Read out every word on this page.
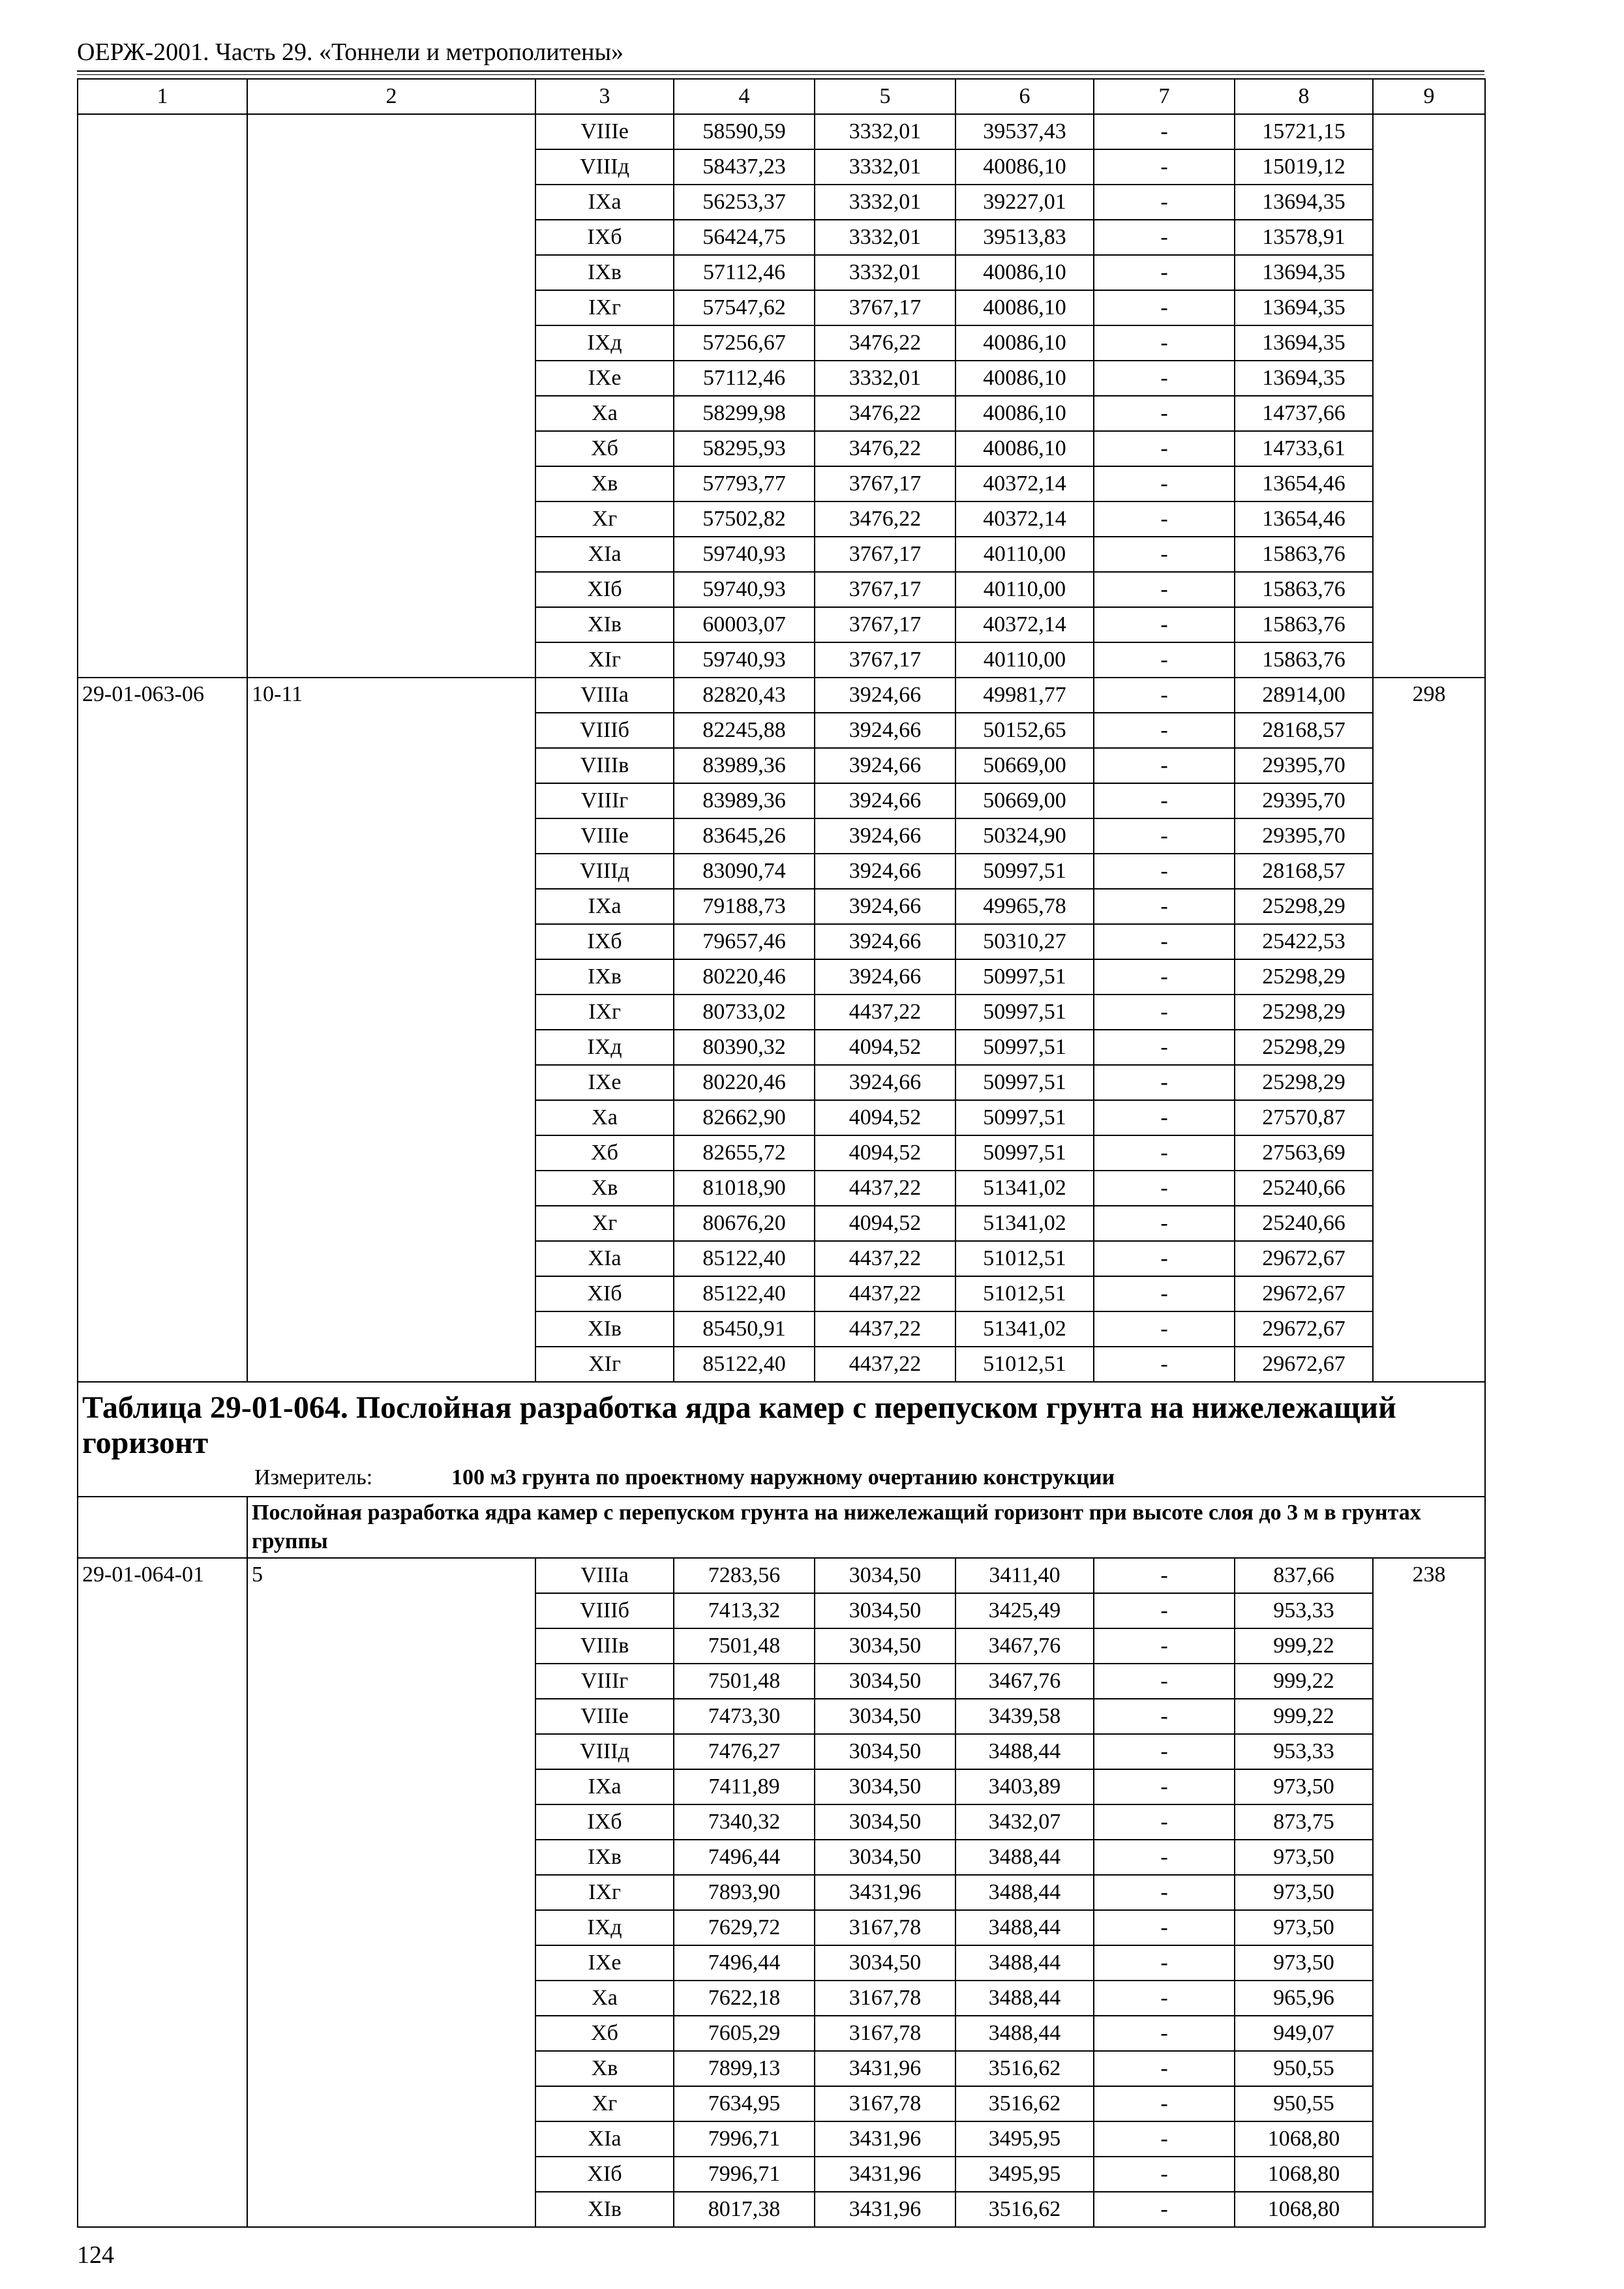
ОЕРЖ-2001. Часть 29. «Тоннели и метрополитены»
1	2	3	4	5	6	7	8	9
		VIIIе	58590,59	3332,01	39537,43	-	15721,15	
		VIIIд	58437,23	3332,01	40086,10	-	15019,12	
		IXа	56253,37	3332,01	39227,01	-	13694,35	
		IXб	56424,75	3332,01	39513,83	-	13578,91	
		IXв	57112,46	3332,01	40086,10	-	13694,35	
		IXг	57547,62	3767,17	40086,10	-	13694,35	
		IXд	57256,67	3476,22	40086,10	-	13694,35	
		IXе	57112,46	3332,01	40086,10	-	13694,35	
		Xа	58299,98	3476,22	40086,10	-	14737,66	
		Xб	58295,93	3476,22	40086,10	-	14733,61	
		Xв	57793,77	3767,17	40372,14	-	13654,46	
		Xг	57502,82	3476,22	40372,14	-	13654,46	
		XIа	59740,93	3767,17	40110,00	-	15863,76	
		XIб	59740,93	3767,17	40110,00	-	15863,76	
		XIв	60003,07	3767,17	40372,14	-	15863,76	
		XIг	59740,93	3767,17	40110,00	-	15863,76	
29-01-063-06	10-11	VIIIа	82820,43	3924,66	49981,77	-	28914,00	298
		VIIIб	82245,88	3924,66	50152,65	-	28168,57	
		VIIIв	83989,36	3924,66	50669,00	-	29395,70	
		VIIIг	83989,36	3924,66	50669,00	-	29395,70	
		VIIIе	83645,26	3924,66	50324,90	-	29395,70	
		VIIIд	83090,74	3924,66	50997,51	-	28168,57	
		IXа	79188,73	3924,66	49965,78	-	25298,29	
		IXб	79657,46	3924,66	50310,27	-	25422,53	
		IXв	80220,46	3924,66	50997,51	-	25298,29	
		IXг	80733,02	4437,22	50997,51	-	25298,29	
		IXд	80390,32	4094,52	50997,51	-	25298,29	
		IXе	80220,46	3924,66	50997,51	-	25298,29	
		Xа	82662,90	4094,52	50997,51	-	27570,87	
		Xб	82655,72	4094,52	50997,51	-	27563,69	
		Xв	81018,90	4437,22	51341,02	-	25240,66	
		Xг	80676,20	4094,52	51341,02	-	25240,66	
		XIа	85122,40	4437,22	51012,51	-	29672,67	
		XIб	85122,40	4437,22	51012,51	-	29672,67	
		XIв	85450,91	4437,22	51341,02	-	29672,67	
		XIг	85122,40	4437,22	51012,51	-	29672,67	

Таблица 29-01-064. Послойная разработка ядра камер с перепуском грунта на нижележащий горизонт
Измеритель: 100 м3 грунта по проектному наружному очертанию конструкции								

	Послойная разработка ядра камер с перепуском грунта на нижележащий горизонт при высоте слоя до 3 м в грунтах группы							
29-01-064-01	5	VIIIа	7283,56	3034,50	3411,40	-	837,66	238
		VIIIб	7413,32	3034,50	3425,49	-	953,33	
		VIIIв	7501,48	3034,50	3467,76	-	999,22	
		VIIIг	7501,48	3034,50	3467,76	-	999,22	
		VIIIе	7473,30	3034,50	3439,58	-	999,22	
		VIIIд	7476,27	3034,50	3488,44	-	953,33	
		IXа	7411,89	3034,50	3403,89	-	973,50	
		IXб	7340,32	3034,50	3432,07	-	873,75	
		IXв	7496,44	3034,50	3488,44	-	973,50	
		IXг	7893,90	3431,96	3488,44	-	973,50	
		IXд	7629,72	3167,78	3488,44	-	973,50	
		IXе	7496,44	3034,50	3488,44	-	973,50	
		Xа	7622,18	3167,78	3488,44	-	965,96	
		Xб	7605,29	3167,78	3488,44	-	949,07	
		Xв	7899,13	3431,96	3516,62	-	950,55	
		Xг	7634,95	3167,78	3516,62	-	950,55	
		XIа	7996,71	3431,96	3495,95	-	1068,80	
		XIб	7996,71	3431,96	3495,95	-	1068,80	
		XIв	8017,38	3431,96	3516,62	-	1068,80	
124
